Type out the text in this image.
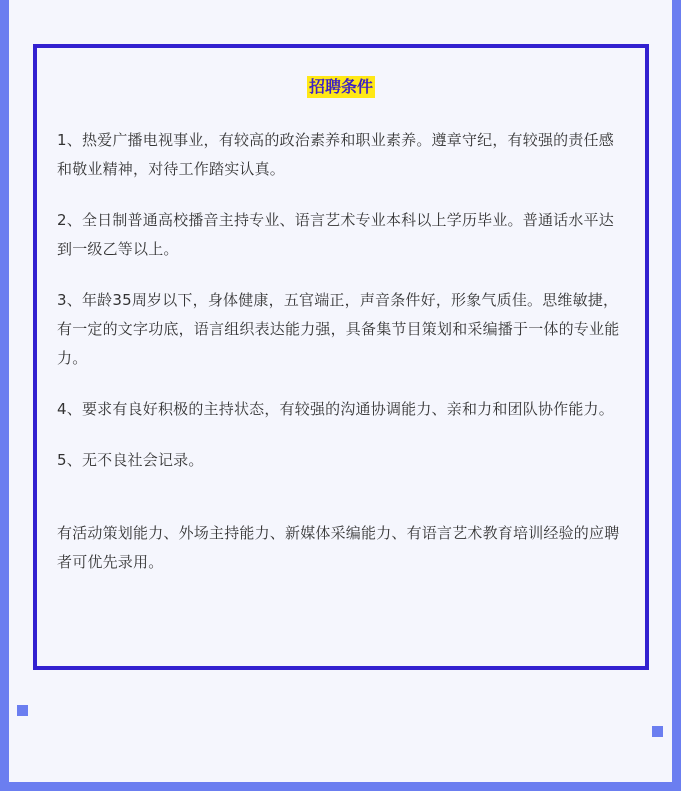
招聘条件

1、热爱广播电视事业，有较高的政治素养和职业素养。遵章守纪，有较强的责任感和敬业精神，对待工作踏实认真。

2、全日制普通高校播音主持专业、语言艺术专业本科以上学历毕业。普通话水平达到一级乙等以上。

3、年龄35周岁以下，身体健康，五官端正，声音条件好，形象气质佳。思维敏捷，有一定的文字功底，语言组织表达能力强，具备集节目策划和采编播于一体的专业能力。

4、要求有良好积极的主持状态，有较强的沟通协调能力、亲和力和团队协作能力。

5、无不良社会记录。

有活动策划能力、外场主持能力、新媒体采编能力、有语言艺术教育培训经验的应聘者可优先录用。
